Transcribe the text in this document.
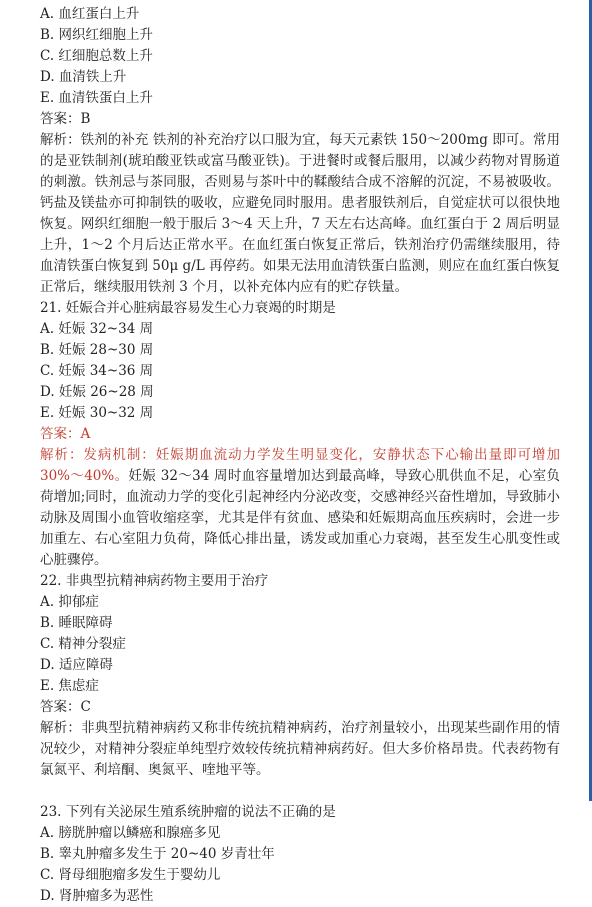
A. 血红蛋白上升
B. 网织红细胞上升
C. 红细胞总数上升
D. 血清铁上升
E. 血清铁蛋白上升
答案：B
解析：铁剂的补充 铁剂的补充治疗以口服为宜，每天元素铁 150～200mg 即可。常用的是亚铁制剂(琥珀酸亚铁或富马酸亚铁)。于进餐时或餐后服用，以减少药物对胃肠道的刺激。铁剂忌与茶同服，否则易与茶叶中的鞣酸结合成不溶解的沉淀，不易被吸收。钙盐及镁盐亦可抑制铁的吸收，应避免同时服用。患者服铁剂后，自觉症状可以很快地恢复。网织红细胞一般于服后 3～4 天上升，7 天左右达高峰。血红蛋白于 2 周后明显上升，1～2 个月后达正常水平。在血红蛋白恢复正常后，铁剂治疗仍需继续服用，待血清铁蛋白恢复到 50μ g/L 再停药。如果无法用血清铁蛋白监测，则应在血红蛋白恢复正常后，继续服用铁剂 3 个月，以补充体内应有的贮存铁量。
21. 妊娠合并心脏病最容易发生心力衰竭的时期是
A. 妊娠 32~34 周
B. 妊娠 28~30 周
C. 妊娠 34~36 周
D. 妊娠 26~28 周
E. 妊娠 30~32 周
答案：A
解析：发病机制：妊娠期血流动力学发生明显变化，安静状态下心输出量即可增加 30%～40%。妊娠 32～34 周时血容量增加达到最高峰，导致心肌供血不足，心室负荷增加;同时，血流动力学的变化引起神经内分泌改变，交感神经兴奋性增加，导致肺小动脉及周围小血管收缩痉挛，尤其是伴有贫血、感染和妊娠期高血压疾病时，会进一步加重左、右心室阻力负荷，降低心排出量，诱发或加重心力衰竭，甚至发生心肌变性或心脏骤停。
22. 非典型抗精神病药物主要用于治疗
A. 抑郁症
B. 睡眠障碍
C. 精神分裂症
D. 适应障碍
E. 焦虑症
答案：C
解析：非典型抗精神病药又称非传统抗精神病药，治疗剂量较小，出现某些副作用的情况较少，对精神分裂症单纯型疗效较传统抗精神病药好。但大多价格昂贵。代表药物有氯氮平、利培酮、奥氮平、喹地平等。
23. 下列有关泌尿生殖系统肿瘤的说法不正确的是
A. 膀胱肿瘤以鳞癌和腺癌多见
B. 睾丸肿瘤多发生于 20~40 岁青壮年
C. 肾母细胞瘤多发生于婴幼儿
D. 肾肿瘤多为恶性
